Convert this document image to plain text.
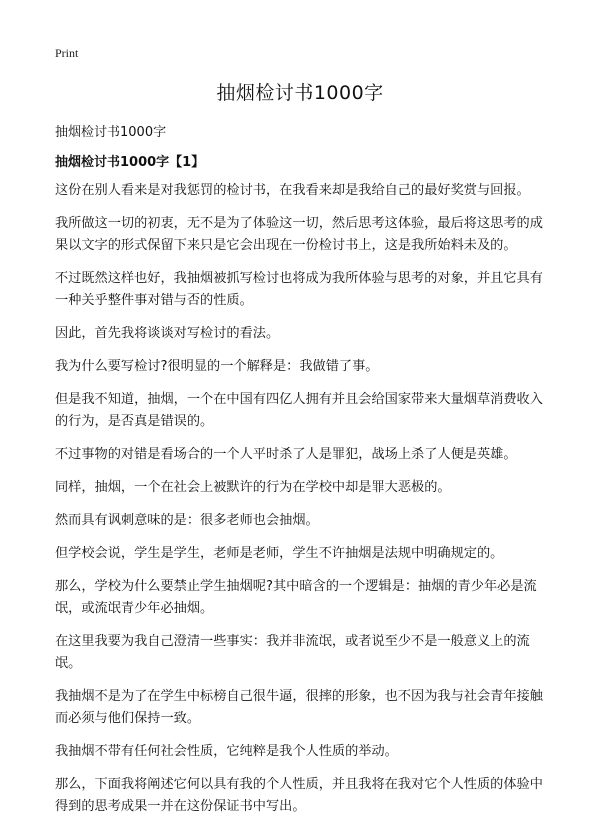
Print
抽烟检讨书1000字
抽烟检讨书1000字
抽烟检讨书1000字【1】

这份在别人看来是对我惩罚的检讨书，在我看来却是我给自己的最好奖赏与回报。

我所做这一切的初衷，无不是为了体验这一切，然后思考这体验，最后将这思考的成果以文字的形式保留下来只是它会出现在一份检讨书上，这是我所始料未及的。

不过既然这样也好，我抽烟被抓写检讨也将成为我所体验与思考的对象，并且它具有一种关乎整件事对错与否的性质。

因此，首先我将谈谈对写检讨的看法。

我为什么要写检讨?很明显的一个解释是：我做错了事。

但是我不知道，抽烟，一个在中国有四亿人拥有并且会给国家带来大量烟草消费收入的行为，是否真是错误的。

不过事物的对错是看场合的一个人平时杀了人是罪犯，战场上杀了人便是英雄。

同样，抽烟，一个在社会上被默许的行为在学校中却是罪大恶极的。

然而具有讽刺意味的是：很多老师也会抽烟。

但学校会说，学生是学生，老师是老师，学生不许抽烟是法规中明确规定的。

那么，学校为什么要禁止学生抽烟呢?其中暗含的一个逻辑是：抽烟的青少年必是流氓，或流氓青少年必抽烟。

在这里我要为我自己澄清一些事实：我并非流氓，或者说至少不是一般意义上的流氓。

我抽烟不是为了在学生中标榜自己很牛逼，很摔的形象，也不因为我与社会青年接触而必须与他们保持一致。

我抽烟不带有任何社会性质，它纯粹是我个人性质的举动。

那么，下面我将阐述它何以具有我的个人性质，并且我将在我对它个人性质的体验中得到的思考成果一并在这份保证书中写出。
